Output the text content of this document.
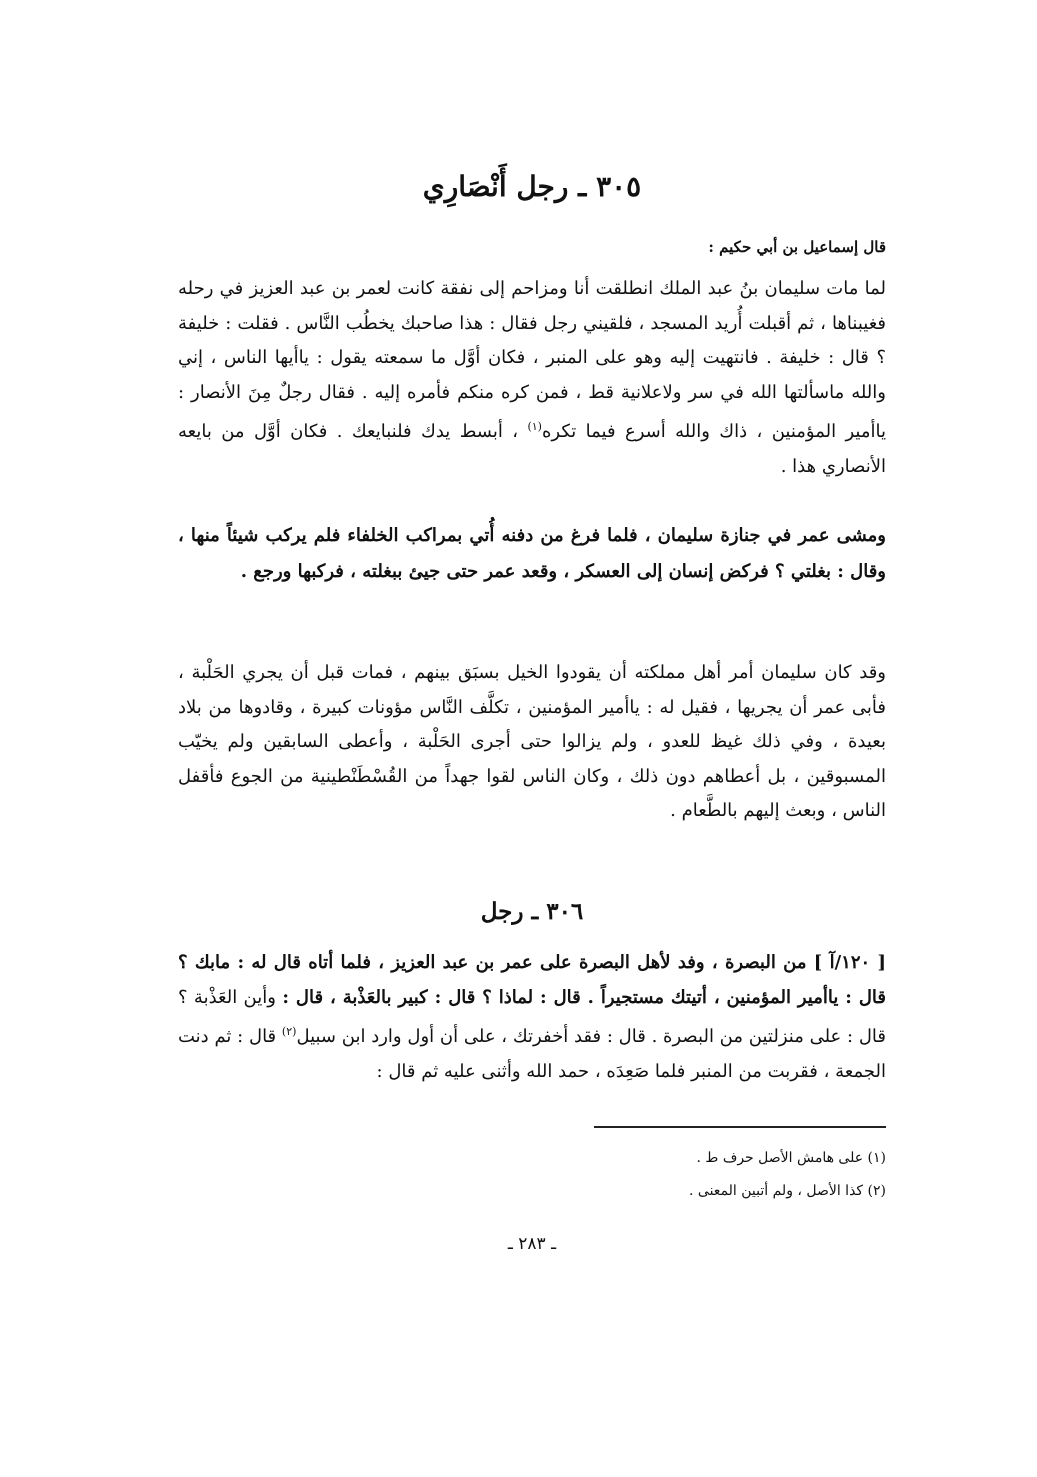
٣٠٥ ـ رجل أَنْصَارِي
قال إسماعيل بن أبي حكيم :

لما مات سليمان بنُ عبد الملك انطلقت أنا ومزاحم إلى نفقة كانت لعمر بن عبد العزيز في رحله فغيبناها ، ثم أقبلت أُريد المسجد ، فلقيني رجل فقال : هذا صاحبك يخطُب النَّاس . فقلت : خليفة ؟ قال : خليفة . فانتهيت إليه وهو على المنبر ، فكان أوَّل ما سمعته يقول : ياأيها الناس ، إني والله ماسألتها الله في سر ولاعلانية قط ، فمن كره منكم فأمره إليه . فقال رجلٌ مِنَ الأنصار : ياأمير المؤمنين ، ذاك والله أسرع فيما تكره$^{(١)}$ ، أبسط يدك فلنبايعك . فكان أوَّل من بايعه الأنصاري هذا .

ومشى عمر في جنازة سليمان ، فلما فرغ من دفنه أُتي بمراكب الخلفاء فلم يركب شيئاً منها ، وقال : بغلتي ؟ فركض إنسان إلى العسكر ، وقعد عمر حتى جيئ ببغلته ، فركبها ورجع .

وقد كان سليمان أمر أهل مملكته أن يقودوا الخيل بسبَق بينهم ، فمات قبل أن يجري الحَلْبة ، فأبى عمر أن يجريها ، فقيل له : ياأمير المؤمنين ، تكلَّف النَّاس مؤونات كبيرة ، وقادوها من بلاد بعيدة ، وفي ذلك غيظ للعدو ، ولم يزالوا حتى أجرى الحَلْبة ، وأعطى السابقين ولم يخيّب المسبوقين ، بل أعطاهم دون ذلك ، وكان الناس لقوا جهداً من القُسْطَنْطينية من الجوع فأقفل الناس ، وبعث إليهم بالطَّعام .

٣٠٦ ـ رجل

[ ١٢٠/آ ] من البصرة ، وفد لأهل البصرة على عمر بن عبد العزيز ، فلما أتاه قال له : مابك ؟ قال : ياأمير المؤمنين ، أتيتك مستجيراً . قال : لماذا ؟ قال : كبير بالعَذْبة ، قال : وأين العَذْبة ؟ قال : على منزلتين من البصرة . قال : فقد أخفرتك ، على أن أول وارد ابن سبيل$^{(٢)}$ قال : ثم دنت الجمعة ، فقربت من المنبر فلما صَعِدَه ، حمد الله وأثنى عليه ثم قال :

(١) على هامش الأصل حرف ط .
(٢) كذا الأصل ، ولم أتبين المعنى .
ـ ٢٨٣ ـ
